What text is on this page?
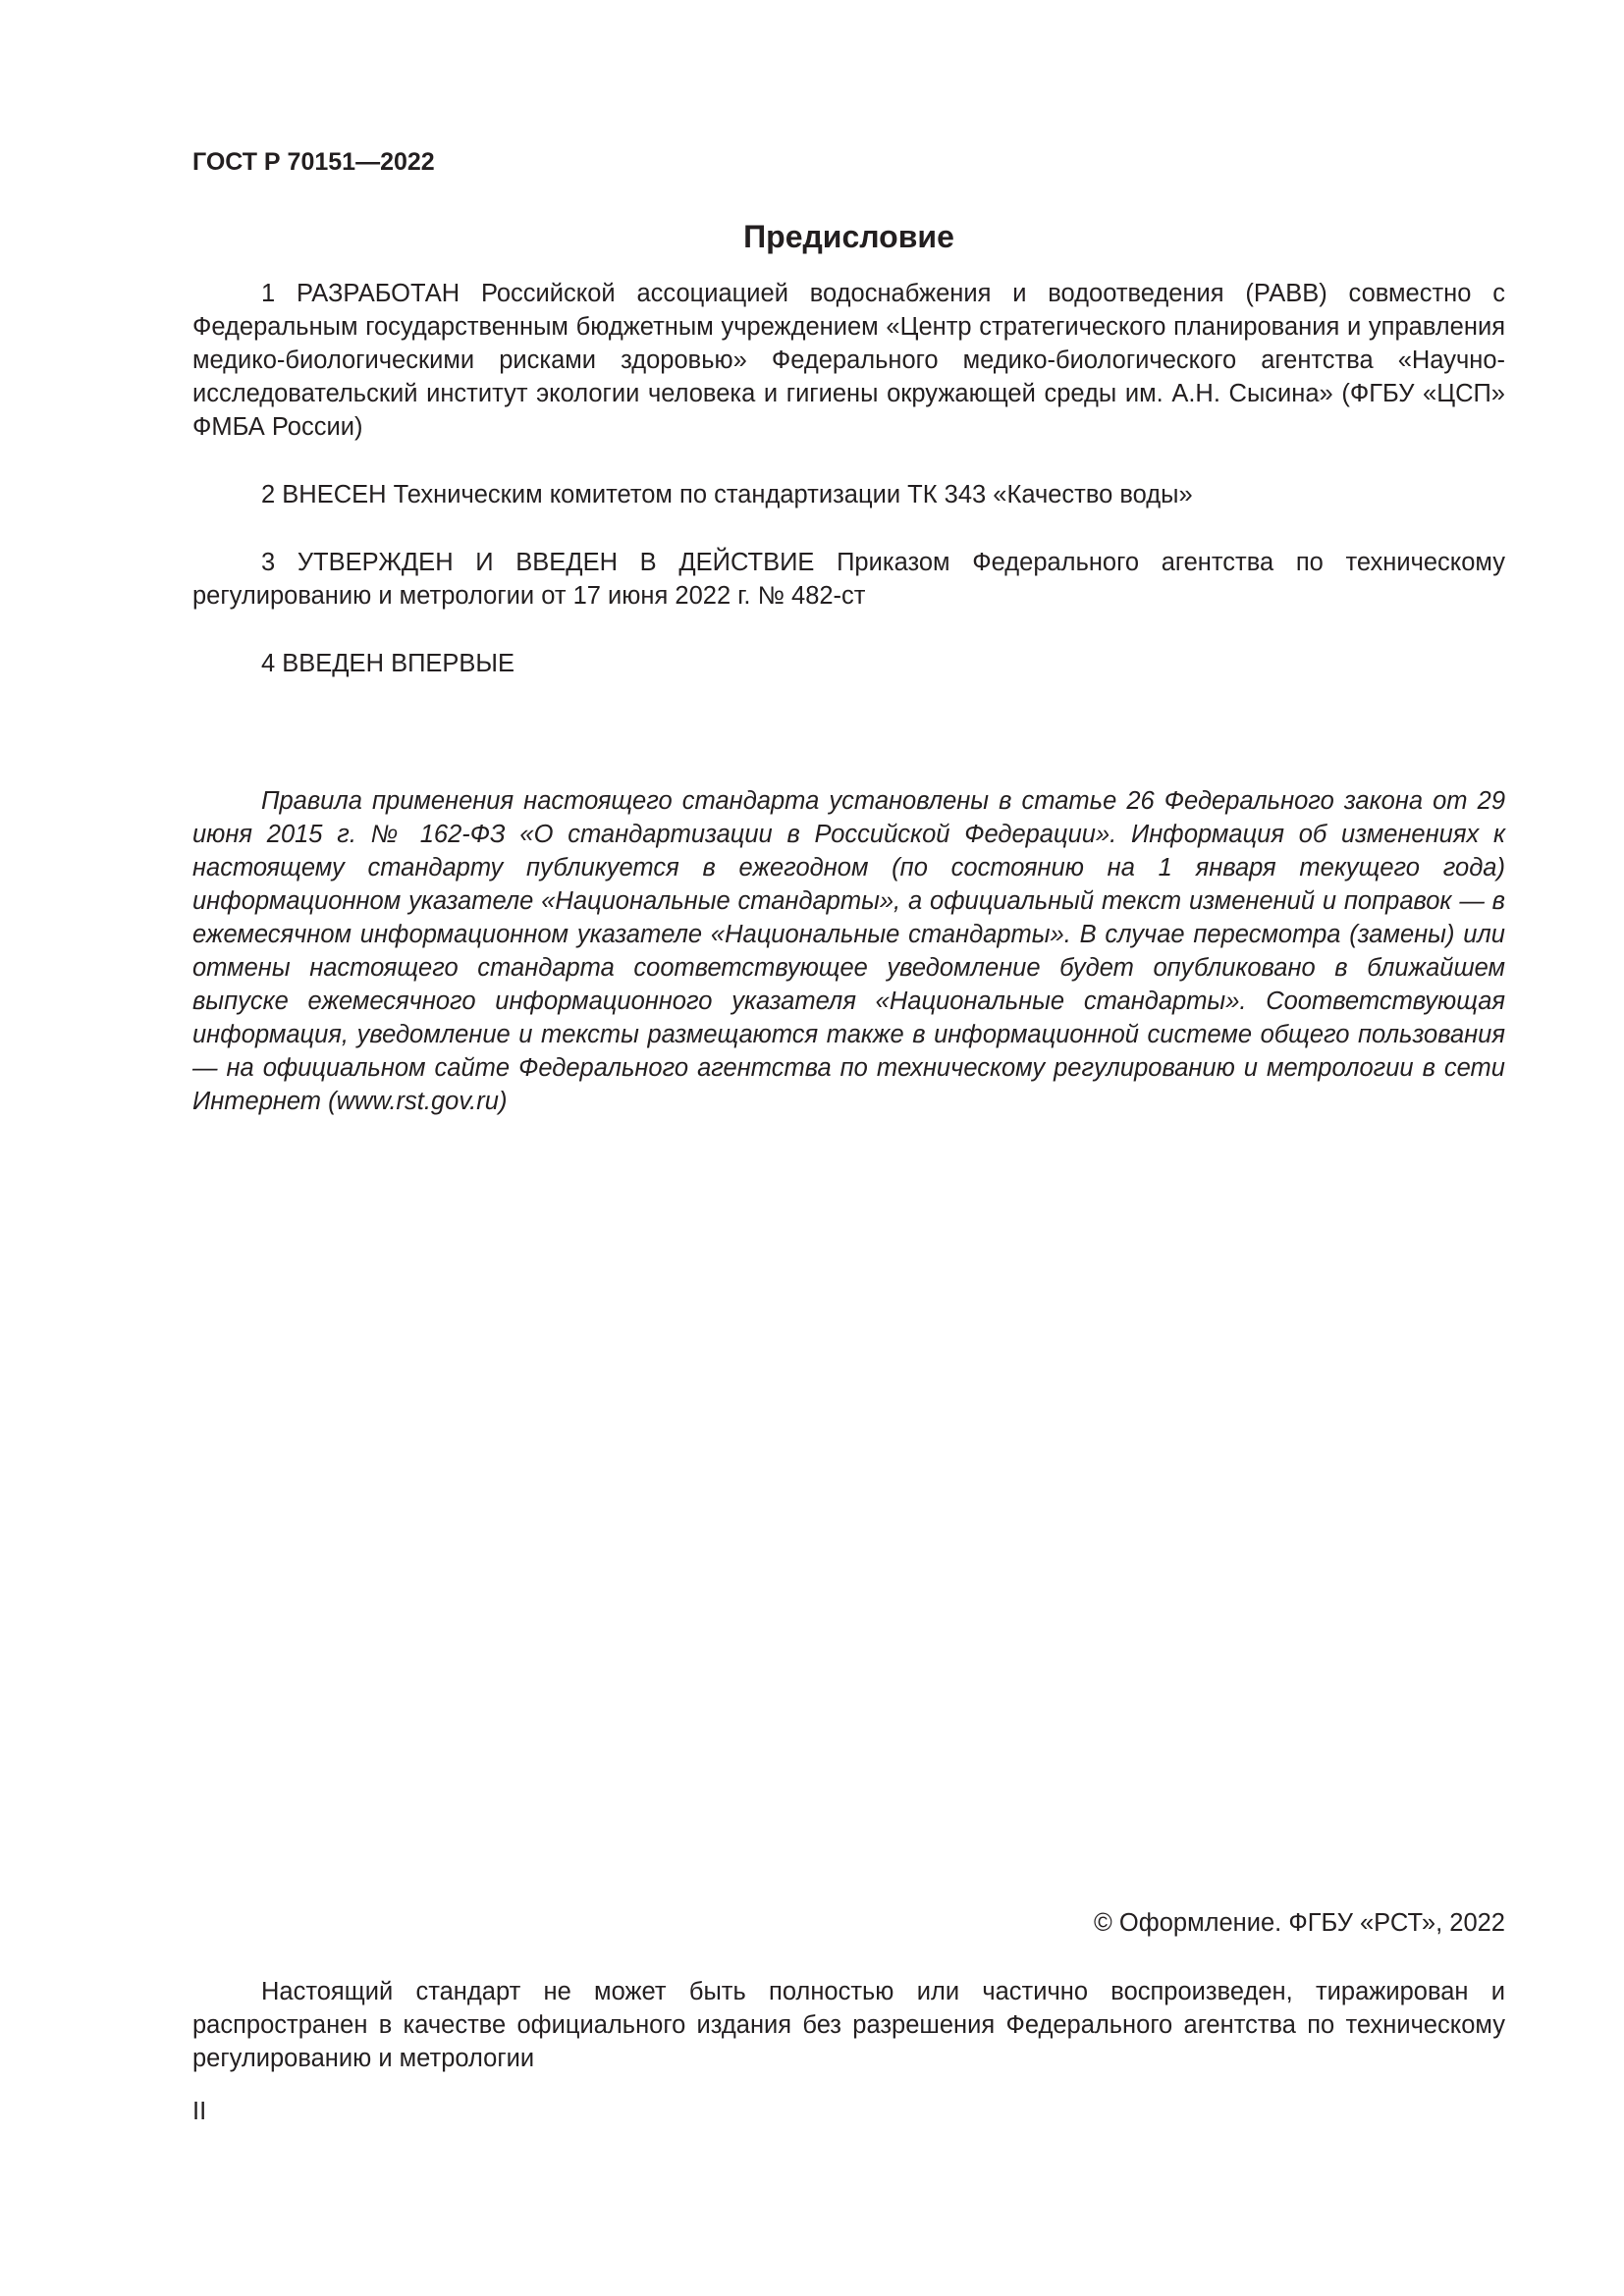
ГОСТ Р 70151—2022

Предисловие

1 РАЗРАБОТАН Российской ассоциацией водоснабжения и водоотведения (РАВВ) совместно с Федеральным государственным бюджетным учреждением «Центр стратегического планирования и управления медико-биологическими рисками здоровью» Федерального медико-биологического агентства «Научно-исследовательский институт экологии человека и гигиены окружающей среды им. А.Н. Сысина» (ФГБУ «ЦСП» ФМБА России)

2 ВНЕСЕН Техническим комитетом по стандартизации ТК 343 «Качество воды»

3 УТВЕРЖДЕН И ВВЕДЕН В ДЕЙСТВИЕ Приказом Федерального агентства по техническому регулированию и метрологии от 17 июня 2022 г. № 482-ст

4 ВВЕДЕН ВПЕРВЫЕ

Правила применения настоящего стандарта установлены в статье 26 Федерального закона от 29 июня 2015 г. № 162-ФЗ «О стандартизации в Российской Федерации». Информация об изменениях к настоящему стандарту публикуется в ежегодном (по состоянию на 1 января текущего года) информационном указателе «Национальные стандарты», а официальный текст изменений и поправок — в ежемесячном информационном указателе «Национальные стандарты». В случае пересмотра (замены) или отмены настоящего стандарта соответствующее уведомление будет опубликовано в ближайшем выпуске ежемесячного информационного указателя «Национальные стандарты». Соответствующая информация, уведомление и тексты размещаются также в информационной системе общего пользования — на официальном сайте Федерального агентства по техническому регулированию и метрологии в сети Интернет (www.rst.gov.ru)

© Оформление. ФГБУ «РСТ», 2022

Настоящий стандарт не может быть полностью или частично воспроизведен, тиражирован и распространен в качестве официального издания без разрешения Федерального агентства по техническому регулированию и метрологии

II
